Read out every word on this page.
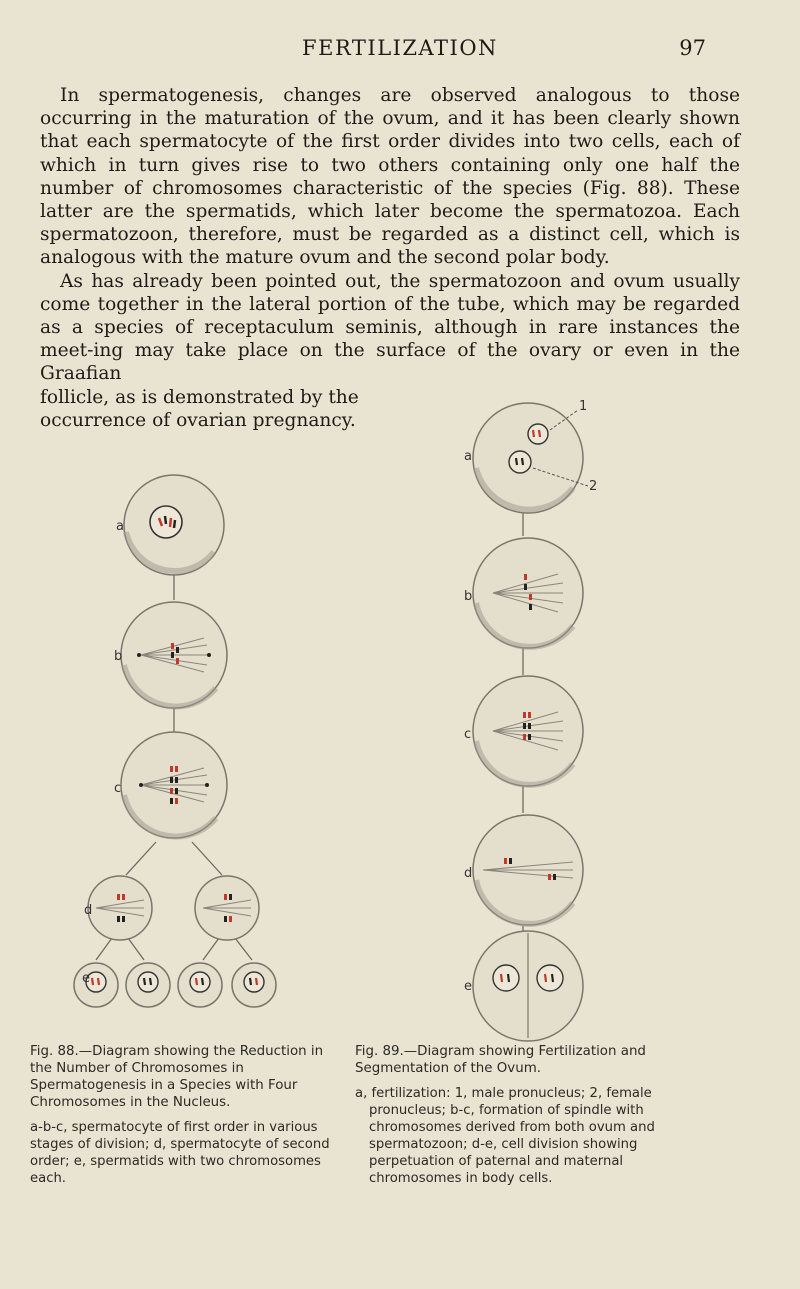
FERTILIZATION	97

In spermatogenesis, changes are observed analogous to those occurring in the maturation of the ovum, and it has been clearly shown that each spermatocyte of the first order divides into two cells, each of which in turn gives rise to two others containing only one half the number of chromosomes characteristic of the species (Fig. 88). These latter are the spermatids, which later become the spermatozoa. Each spermatozoon, therefore, must be regarded as a distinct cell, which is analogous with the mature ovum and the second polar body.

As has already been pointed out, the spermatozoon and ovum usually come together in the lateral portion of the tube, which may be regarded as a species of receptaculum seminis, although in rare instances the meet-ing may take place on the surface of the ovary or even in the Graafian

follicle, as is demonstrated by the occurrence of ovarian pregnancy.

a
b
c
d
e
a
1
2
b
c
d
e

Fig. 88.—Diagram showing the Reduction in the Number of Chromosomes in Spermatogenesis in a Species with Four Chromosomes in the Nucleus.

a-b-c, spermatocyte of first order in various stages of division; d, spermatocyte of second order; e, spermatids with two chromosomes each.

Fig. 89.—Diagram showing Fertilization and Segmentation of the Ovum.

a, fertilization: 1, male pronucleus; 2, female pronucleus; b-c, formation of spindle with chromosomes derived from both ovum and spermatozoon; d-e, cell division showing perpetuation of paternal and maternal chromosomes in body cells.
